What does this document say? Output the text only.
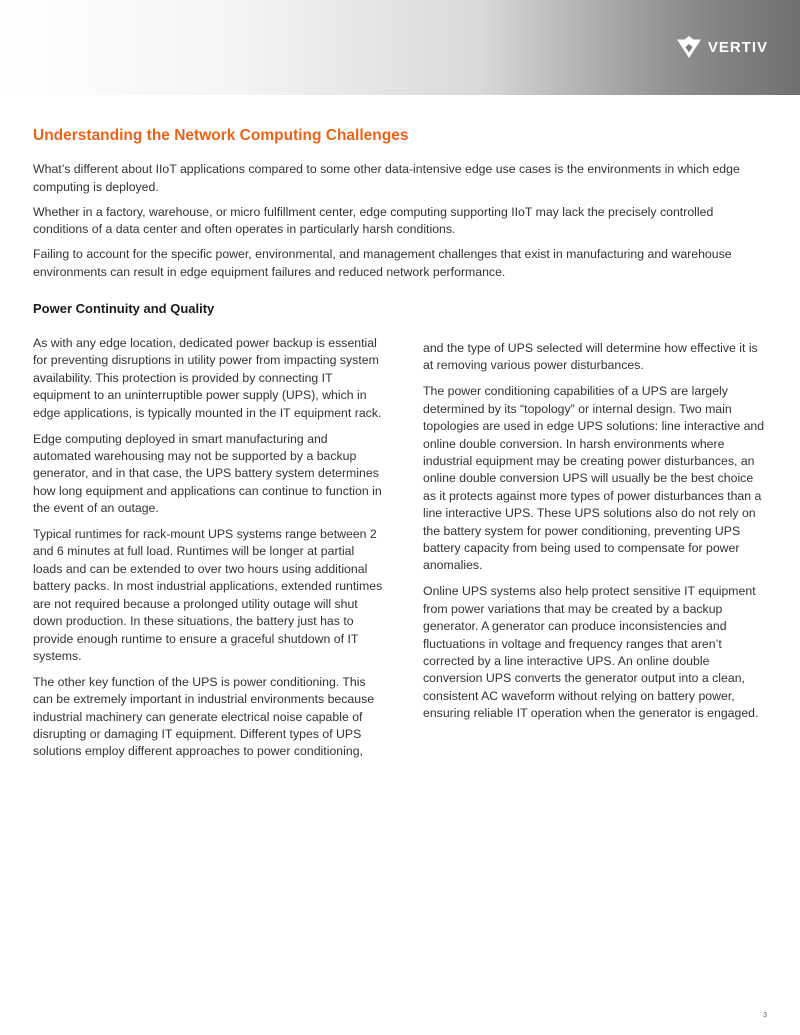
VERTIV
Understanding the Network Computing Challenges

What’s different about IIoT applications compared to some other data-intensive edge use cases is the environments in which edge computing is deployed.

Whether in a factory, warehouse, or micro fulfillment center, edge computing supporting IIoT may lack the precisely controlled conditions of a data center and often operates in particularly harsh conditions.

Failing to account for the specific power, environmental, and management challenges that exist in manufacturing and warehouse environments can result in edge equipment failures and reduced network performance.

Power Continuity and Quality

As with any edge location, dedicated power backup is essential for preventing disruptions in utility power from impacting system availability. This protection is provided by connecting IT equipment to an uninterruptible power supply (UPS), which in edge applications, is typically mounted in the IT equipment rack.

Edge computing deployed in smart manufacturing and automated warehousing may not be supported by a backup generator, and in that case, the UPS battery system determines how long equipment and applications can continue to function in the event of an outage.

Typical runtimes for rack-mount UPS systems range between 2 and 6 minutes at full load. Runtimes will be longer at partial loads and can be extended to over two hours using additional battery packs. In most industrial applications, extended runtimes are not required because a prolonged utility outage will shut down production. In these situations, the battery just has to provide enough runtime to ensure a graceful shutdown of IT systems.

The other key function of the UPS is power conditioning. This can be extremely important in industrial environments because industrial machinery can generate electrical noise capable of disrupting or damaging IT equipment. Different types of UPS solutions employ different approaches to power conditioning,

and the type of UPS selected will determine how effective it is at removing various power disturbances.

The power conditioning capabilities of a UPS are largely determined by its “topology” or internal design. Two main topologies are used in edge UPS solutions: line interactive and online double conversion. In harsh environments where industrial equipment may be creating power disturbances, an online double conversion UPS will usually be the best choice as it protects against more types of power disturbances than a line interactive UPS. These UPS solutions also do not rely on the battery system for power conditioning, preventing UPS battery capacity from being used to compensate for power anomalies.

Online UPS systems also help protect sensitive IT equipment from power variations that may be created by a backup generator. A generator can produce inconsistencies and fluctuations in voltage and frequency ranges that aren’t corrected by a line interactive UPS. An online double conversion UPS converts the generator output into a clean, consistent AC waveform without relying on battery power, ensuring reliable IT operation when the generator is engaged.

3
